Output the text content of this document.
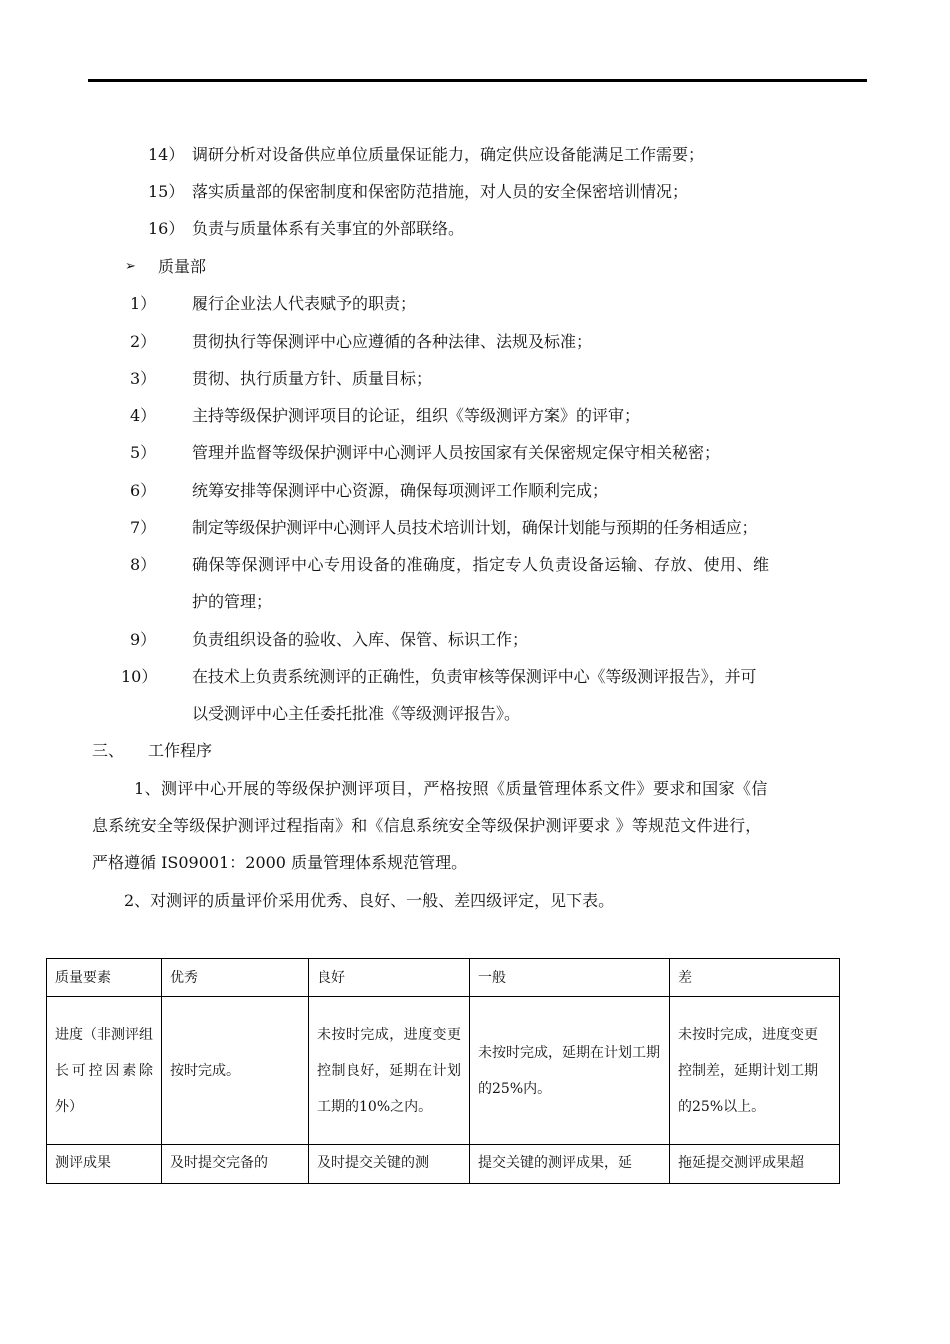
14） 调研分析对设备供应单位质量保证能力，确定供应设备能满足工作需要；
15） 落实质量部的保密制度和保密防范措施，对人员的安全保密培训情况；
16） 负责与质量体系有关事宜的外部联络。
➢ 质量部
1） 履行企业法人代表赋予的职责；
2） 贯彻执行等保测评中心应遵循的各种法律、法规及标准；
3） 贯彻、执行质量方针、质量目标；
4） 主持等级保护测评项目的论证，组织《等级测评方案》的评审；
5） 管理并监督等级保护测评中心测评人员按国家有关保密规定保守相关秘密；
6） 统筹安排等保测评中心资源，确保每项测评工作顺利完成；
7） 制定等级保护测评中心测评人员技术培训计划，确保计划能与预期的任务相适应；
8） 确保等保测评中心专用设备的准确度，指定专人负责设备运输、存放、使用、维
护的管理；
9） 负责组织设备的验收、入库、保管、标识工作；
10） 在技术上负责系统测评的正确性，负责审核等保测评中心《等级测评报告》，并可
以受测评中心主任委托批准《等级测评报告》。
三、 工作程序
1、测评中心开展的等级保护测评项目，严格按照《质量管理体系文件》要求和国家《信
息系统安全等级保护测评过程指南》和《信息系统安全等级保护测评要求 》等规范文件进行，
严格遵循 IS09001：2000 质量管理体系规范管理。
2、对测评的质量评价采用优秀、良好、一般、差四级评定，见下表。
质量要素	优秀	良好	一般	差
进度（非测评组长可控因素除外）	按时完成。	未按时完成，进度变更控制良好，延期在计划工期的10%之内。	未按时完成，延期在计划工期的25%内。	未按时完成，进度变更控制差，延期计划工期的25%以上。
测评成果	及时提交完备的	及时提交关键的测	提交关键的测评成果，延	拖延提交测评成果超
